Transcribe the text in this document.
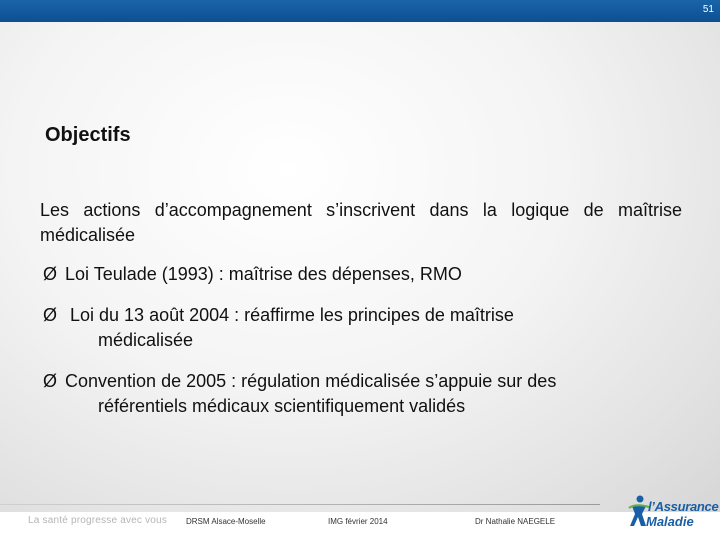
51
Objectifs
Les actions d’accompagnement s’inscrivent dans la logique de maîtrise médicalisée
Ø Loi Teulade (1993) : maîtrise des dépenses, RMO
Ø Loi du 13 août 2004 : réaffirme les principes de maîtrise
médicalisée
Ø Convention de 2005 : régulation médicalisée s’appuie sur des
référentiels médicaux scientifiquement validés
La santé progresse avec vous DRSM Alsace-Moselle	IMG février 2014	Dr Nathalie NAEGELE
l’Assurance
Maladie
